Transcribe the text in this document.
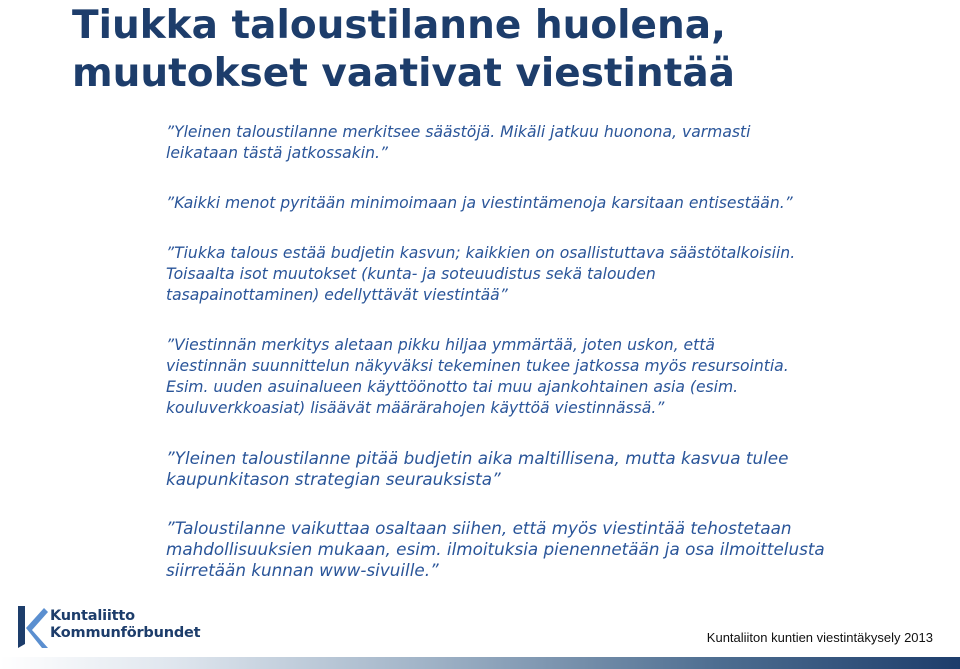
Tiukka taloustilanne huolena,
muutokset vaativat viestintää

”Yleinen taloustilanne merkitsee säästöjä. Mikäli jatkuu huonona, varmasti
leikataan tästä jatkossakin.”

”Kaikki menot pyritään minimoimaan ja viestintämenoja karsitaan entisestään.”

”Tiukka talous estää budjetin kasvun; kaikkien on osallistuttava säästötalkoisiin.
Toisaalta isot muutokset (kunta- ja soteuudistus sekä talouden
tasapainottaminen) edellyttävät viestintää”

”Viestinnän merkitys aletaan pikku hiljaa ymmärtää, joten uskon, että
viestinnän suunnittelun näkyväksi tekeminen tukee jatkossa myös resursointia.
Esim. uuden asuinalueen käyttöönotto tai muu ajankohtainen asia (esim.
kouluverkkoasiat) lisäävät määrärahojen käyttöä viestinnässä.”

”Yleinen taloustilanne pitää budjetin aika maltillisena, mutta kasvua tulee
kaupunkitason strategian seurauksista”

”Taloustilanne vaikuttaa osaltaan siihen, että myös viestintää tehostetaan
mahdollisuuksien mukaan, esim. ilmoituksia pienennetään ja osa ilmoittelusta
siirretään kunnan www-sivuille.”

Kuntaliitto
Kommunförbundet	Kuntaliiton kuntien viestintäkysely 2013
